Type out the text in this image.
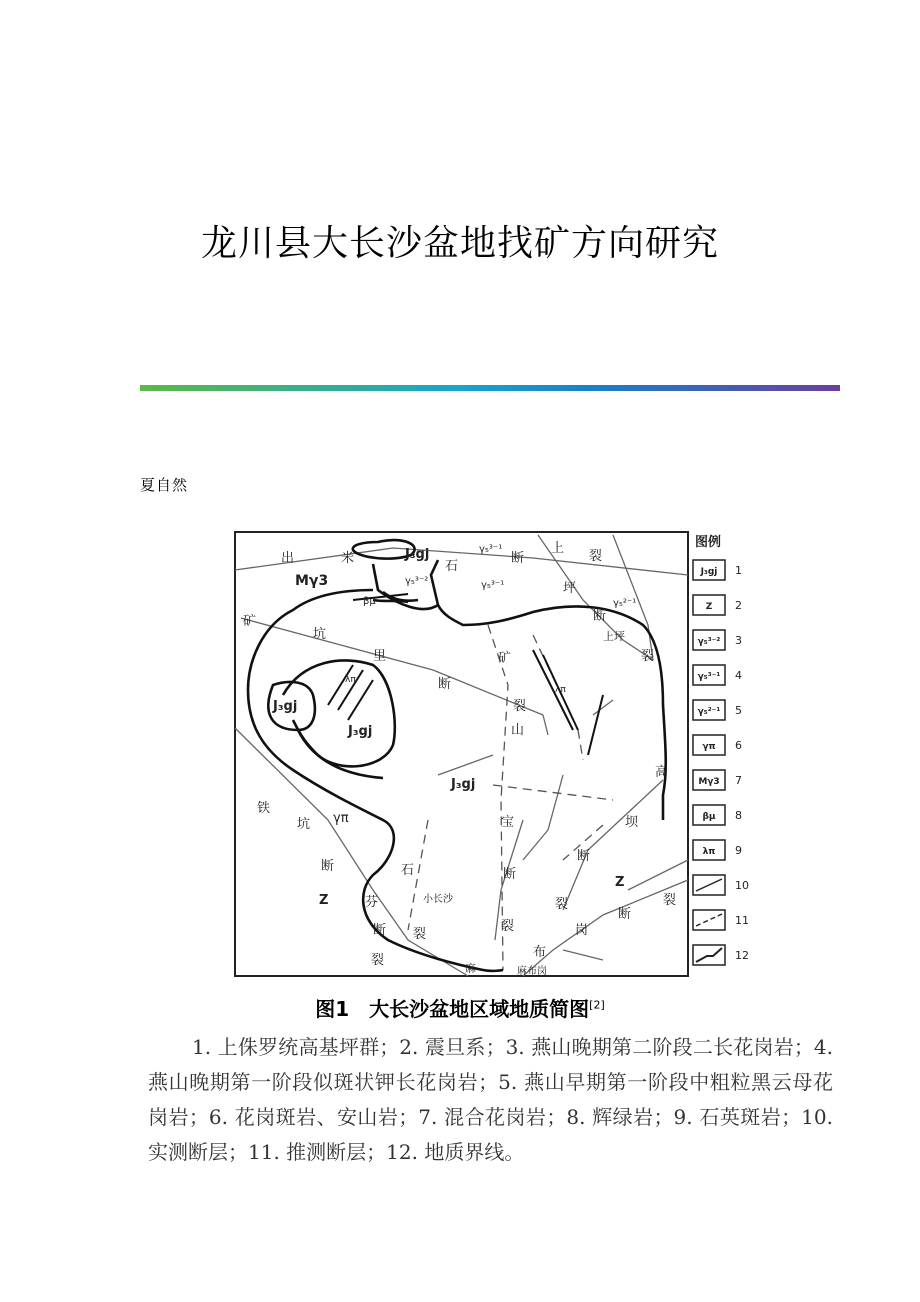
龙川县大长沙盆地找矿方向研究
夏自然
出	米	J₃gj
石
γ₅³⁻¹
断
上
裂
Mγ3	γ₅³⁻²	γ₅³⁻¹	坪
γ₅²⁻¹
断
上坪
裂
βμ
矿
坑
里
断
矿
裂
山
λπ
λπ
J₃gj
J₃gj
J₃gj
铁
坑 γπ	宝
高
坝
断	石	断
断
Z
Z
小长沙
芬
断 裂
裂
裂
岗
断
裂
裂
布
麻	麻布岗
图例
J₃gj 1
Z 2
γ₅³⁻² 3
γ₅³⁻¹ 4
γ₅²⁻¹ 5
γπ 6
Mγ3 7
βμ 8
λπ 9
10
11
12
图1　大长沙盆地区域地质简图[2]
1. 上侏罗统高基坪群；2. 震旦系；3. 燕山晚期第二阶段二长花岗岩；4. 燕山晚期第一阶段似斑状钾长花岗岩；5. 燕山早期第一阶段中粗粒黑云母花岗岩；6. 花岗斑岩、安山岩；7. 混合花岗岩；8. 辉绿岩；9. 石英斑岩；10. 实测断层；11. 推测断层；12. 地质界线。
